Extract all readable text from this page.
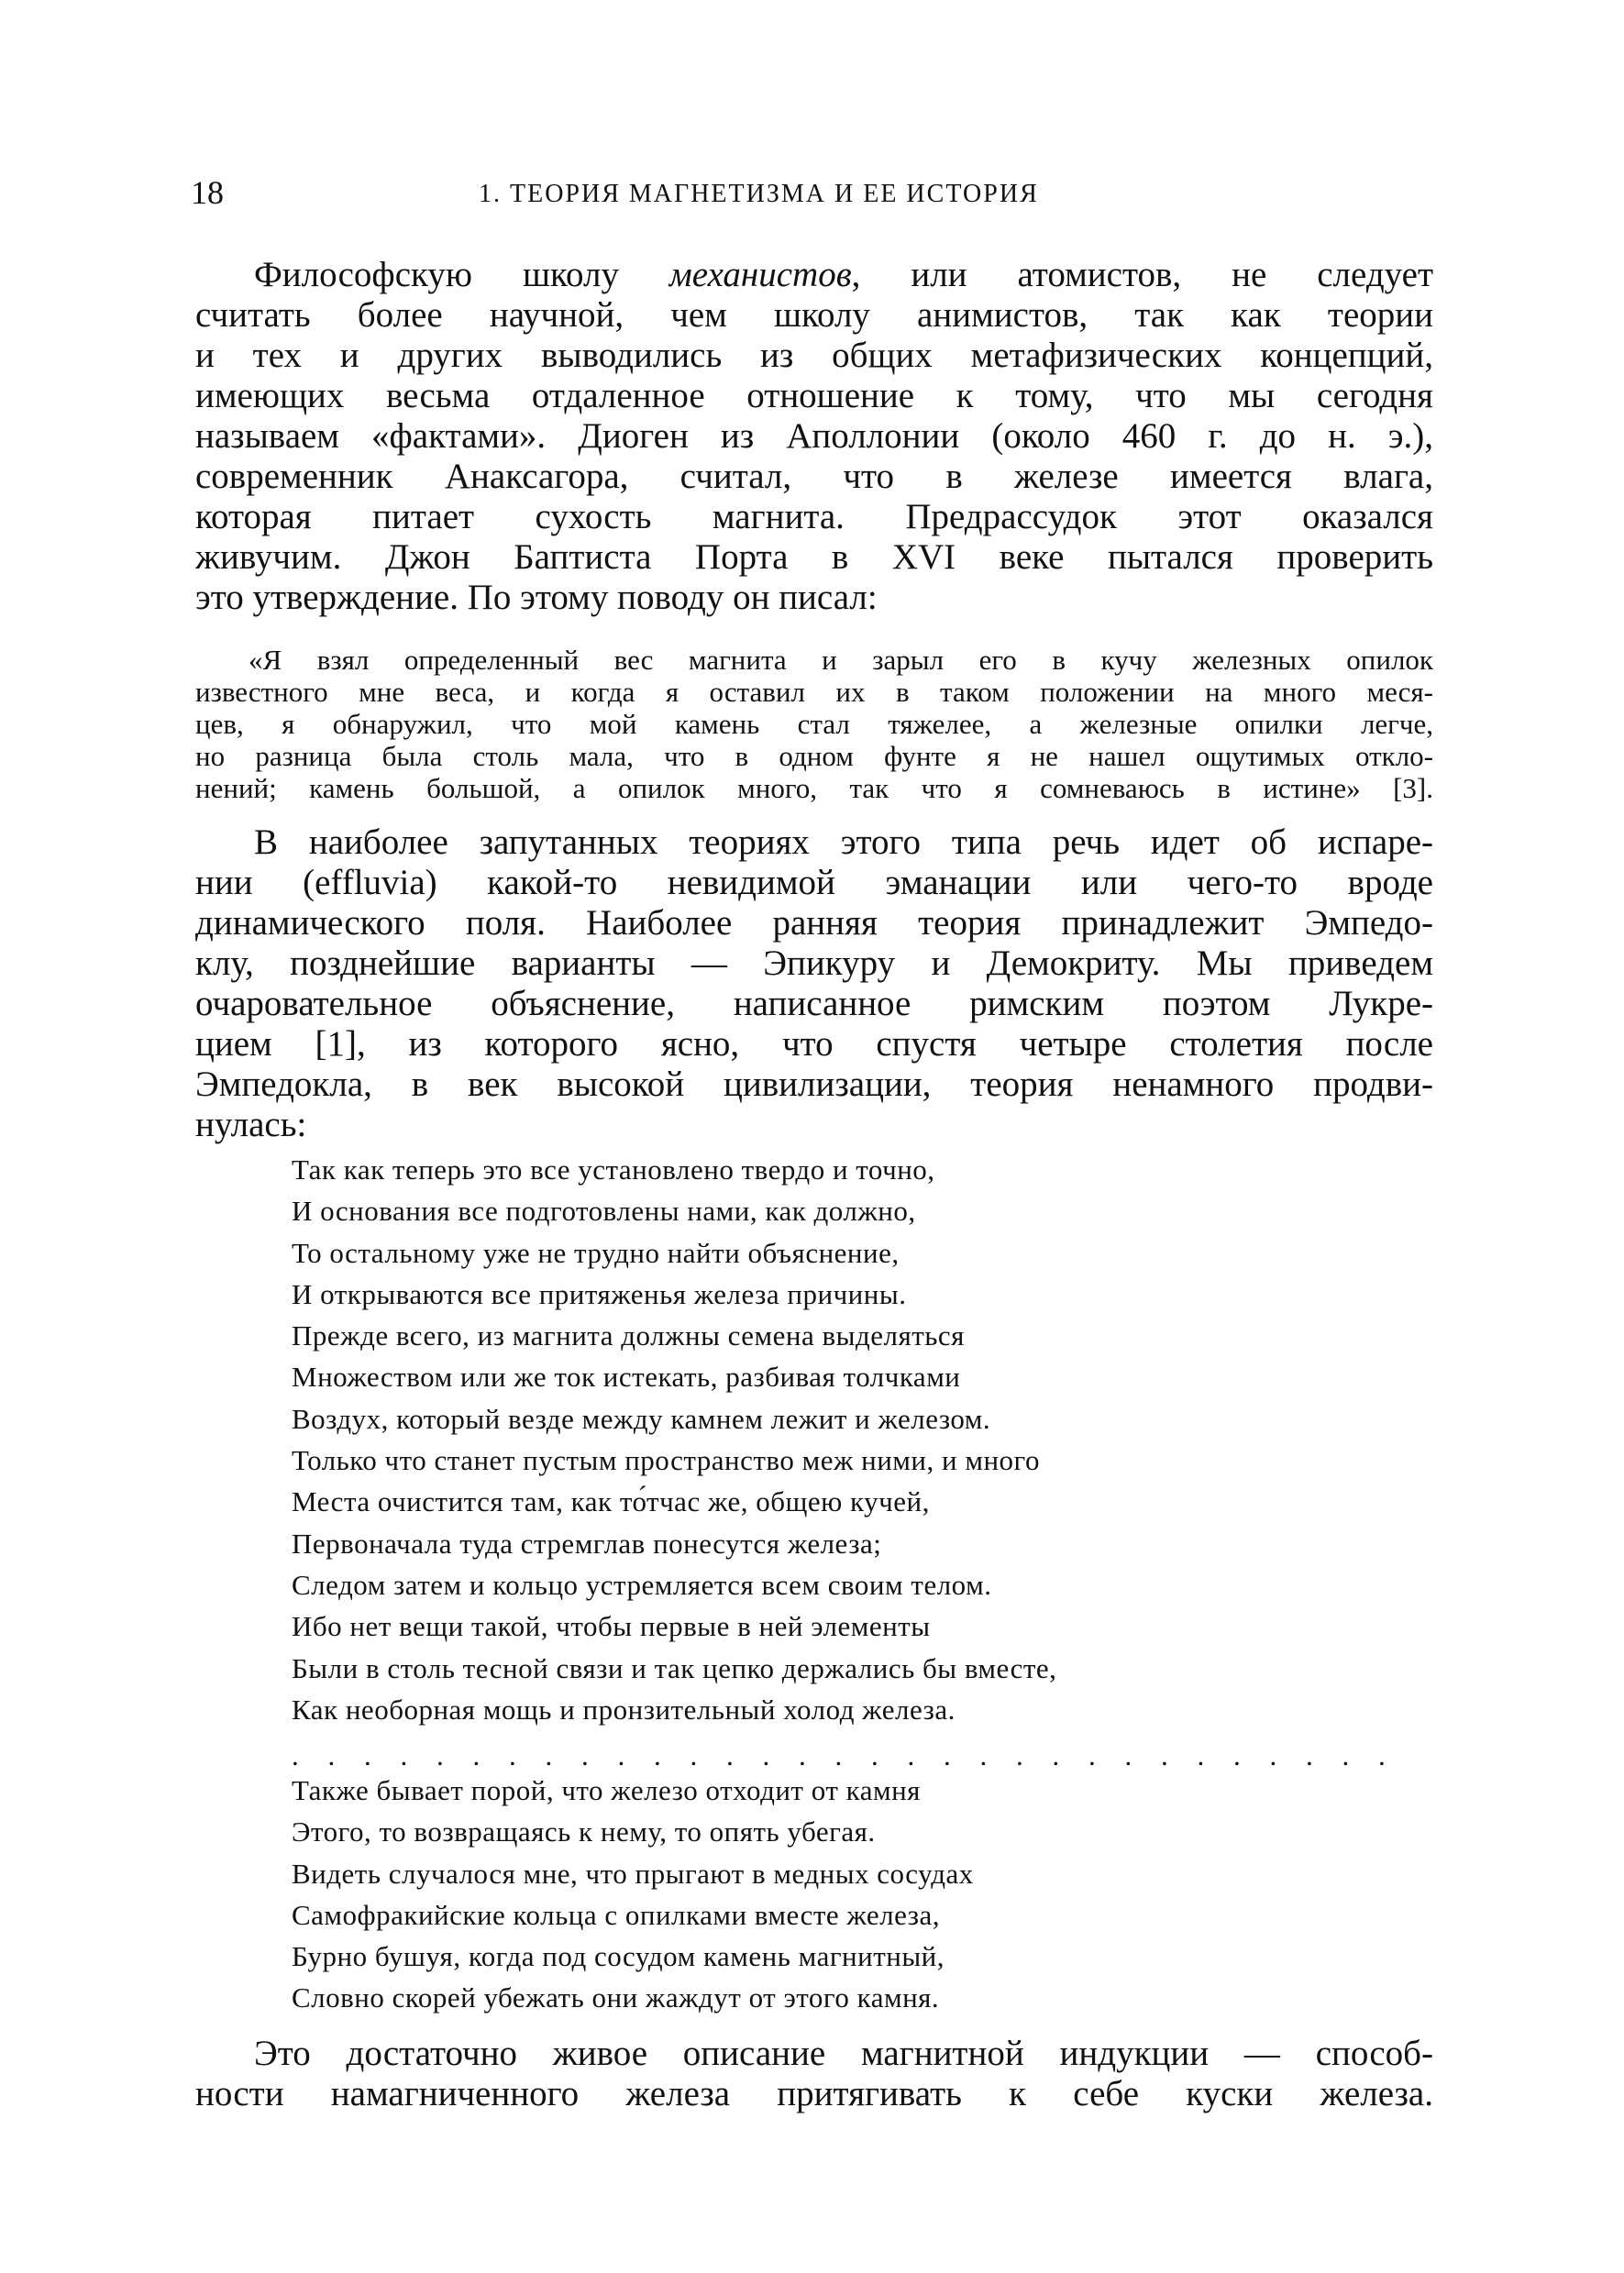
18	1. ТЕОРИЯ МАГНЕТИЗМА И ЕЕ ИСТОРИЯ
Философскую школу механистов, или атомистов, не следует
считать более научной, чем школу анимистов, так как теории
и тех и других выводились из общих метафизических концепций,
имеющих весьма отдаленное отношение к тому, что мы сегодня
называем «фактами». Диоген из Аполлонии (около 460 г. до н. э.),
современник Анаксагора, считал, что в железе имеется влага,
которая питает сухость магнита. Предрассудок этот оказался
живучим. Джон Баптиста Порта в XVI веке пытался проверить
это утверждение. По этому поводу он писал:
«Я взял определенный вес магнита и зарыл его в кучу железных опилок
известного мне веса, и когда я оставил их в таком положении на много меся-
цев, я обнаружил, что мой камень стал тяжелее, а железные опилки легче,
но разница была столь мала, что в одном фунте я не нашел ощутимых откло-
нений; камень большой, а опилок много, так что я сомневаюсь в истине» [3].
В наиболее запутанных теориях этого типа речь идет об испаре-
нии (effluvia) какой-то невидимой эманации или чего-то вроде
динамического поля. Наиболее ранняя теория принадлежит Эмпедо-
клу, позднейшие варианты — Эпикуру и Демокриту. Мы приведем
очаровательное объяснение, написанное римским поэтом Лукре-
цием [1], из которого ясно, что спустя четыре столетия после
Эмпедокла, в век высокой цивилизации, теория ненамного продви-
нулась:
Так как теперь это все установлено твердо и точно,
И основания все подготовлены нами, как должно,
То остальному уже не трудно найти объяснение,
И открываются все притяженья железа причины.
Прежде всего, из магнита должны семена выделяться
Множеством или же ток истекать, разбивая толчками
Воздух, который везде между камнем лежит и железом.
Только что станет пустым пространство меж ними, и много
Места очистится там, как то́тчас же, общею кучей,
Первоначала туда стремглав понесутся железа;
Следом затем и кольцо устремляется всем своим телом.
Ибо нет вещи такой, чтобы первые в ней элементы
Были в столь тесной связи и так цепко держались бы вместе,
Как необорная мощь и пронзительный холод железа.
. . . . . . . . . . . . . . . . . . . . . . . . . . . . . . .
Также бывает порой, что железо отходит от камня
Этого, то возвращаясь к нему, то опять убегая.
Видеть случалося мне, что прыгают в медных сосудах
Самофракийские кольца с опилками вместе железа,
Бурно бушуя, когда под сосудом камень магнитный,
Словно скорей убежать они жаждут от этого камня.
Это достаточно живое описание магнитной индукции — способ-
ности намагниченного железа притягивать к себе куски железа.
